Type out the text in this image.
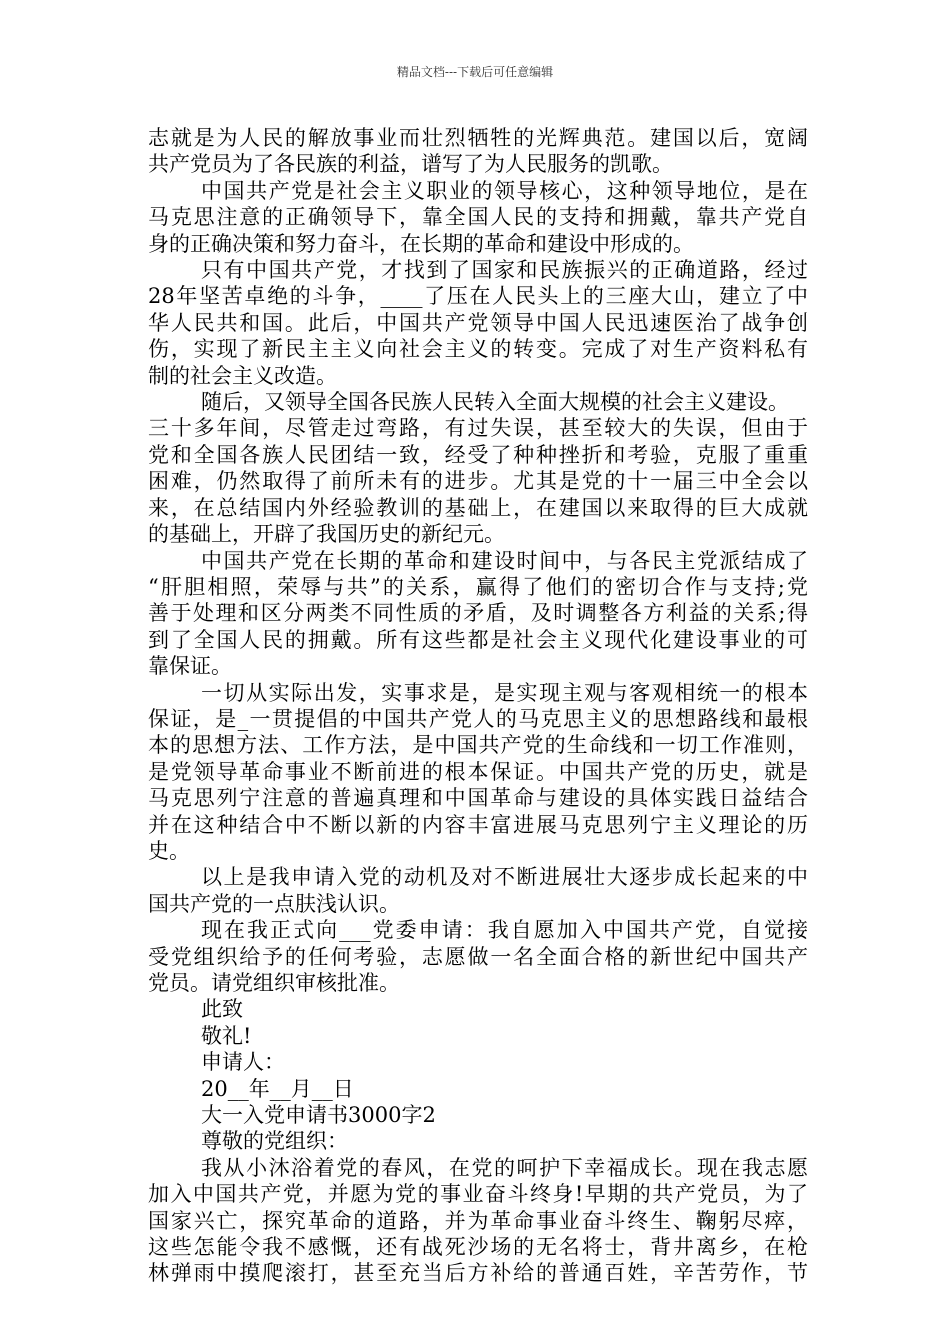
精品文档---下载后可任意编辑
志就是为人民的解放事业而壮烈牺牲的光辉典范。建国以后，宽阔
共产党员为了各民族的利益，谱写了为人民服务的凯歌。
中国共产党是社会主义职业的领导核心，这种领导地位，是在
马克思注意的正确领导下，靠全国人民的支持和拥戴，靠共产党自
身的正确决策和努力奋斗，在长期的革命和建设中形成的。
只有中国共产党，才找到了国家和民族振兴的正确道路，经过
28年坚苦卓绝的斗争，____了压在人民头上的三座大山，建立了中
华人民共和国。此后，中国共产党领导中国人民迅速医治了战争创
伤，实现了新民主主义向社会主义的转变。完成了对生产资料私有
制的社会主义改造。
随后，又领导全国各民族人民转入全面大规模的社会主义建设。
三十多年间，尽管走过弯路，有过失误，甚至较大的失误，但由于
党和全国各族人民团结一致，经受了种种挫折和考验，克服了重重
困难，仍然取得了前所未有的进步。尤其是党的十一届三中全会以
来，在总结国内外经验教训的基础上，在建国以来取得的巨大成就
的基础上，开辟了我国历史的新纪元。
中国共产党在长期的革命和建设时间中，与各民主党派结成了
“肝胆相照，荣辱与共”的关系，赢得了他们的密切合作与支持;党
善于处理和区分两类不同性质的矛盾，及时调整各方利益的关系;得
到了全国人民的拥戴。所有这些都是社会主义现代化建设事业的可
靠保证。
一切从实际出发，实事求是，是实现主观与客观相统一的根本
保证，是_一贯提倡的中国共产党人的马克思主义的思想路线和最根
本的思想方法、工作方法，是中国共产党的生命线和一切工作准则，
是党领导革命事业不断前进的根本保证。中国共产党的历史，就是
马克思列宁注意的普遍真理和中国革命与建设的具体实践日益结合
并在这种结合中不断以新的内容丰富进展马克思列宁主义理论的历
史。
以上是我申请入党的动机及对不断进展壮大逐步成长起来的中
国共产党的一点肤浅认识。
现在我正式向___党委申请：我自愿加入中国共产党，自觉接
受党组织给予的任何考验，志愿做一名全面合格的新世纪中国共产
党员。请党组织审核批准。
此致
敬礼!
申请人：
20__年__月__日
大一入党申请书3000字2
尊敬的党组织：
我从小沐浴着党的春风，在党的呵护下幸福成长。现在我志愿
加入中国共产党，并愿为党的事业奋斗终身!早期的共产党员，为了
国家兴亡，探究革命的道路，并为革命事业奋斗终生、鞠躬尽瘁，
这些怎能令我不感慨，还有战死沙场的无名将士，背井离乡，在枪
林弹雨中摸爬滚打，甚至充当后方补给的普通百姓，辛苦劳作，节
